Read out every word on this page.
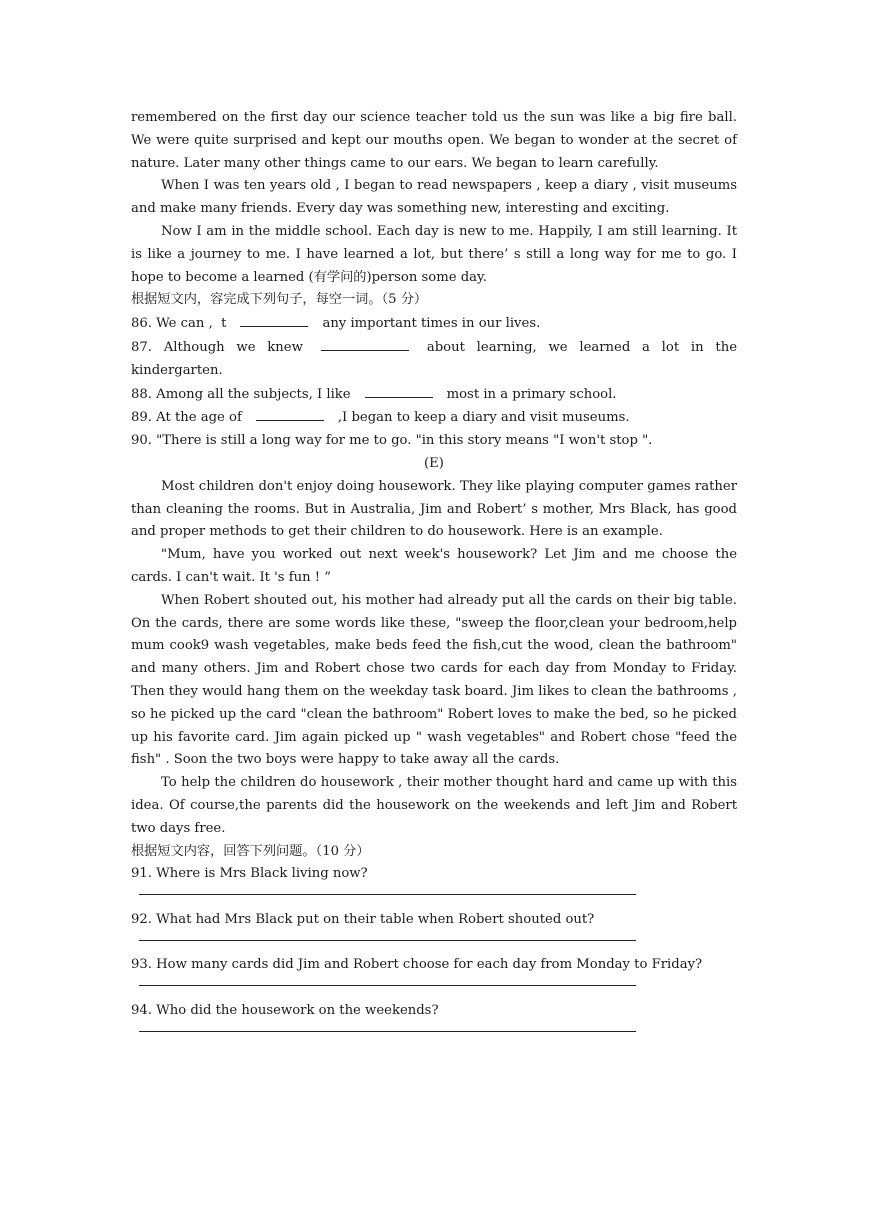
remembered on the first day our science teacher told us the sun was like a big fire ball. We were quite surprised and kept our mouths open. We began to wonder at the secret of nature. Later many other things came to our ears. We began to learn carefully.

When I was ten years old , I began to read newspapers , keep a diary , visit museums and make many friends. Every day was something new, interesting and exciting.

Now I am in the middle school. Each day is new to me. Happily, I am still learning. It is like a journey to me. I have learned a lot, but there’ s still a long way for me to go. I hope to become a learned (有学问的)person some day.

根据短文内，容完成下列句子，每空一词。（5 分）

86. We can ,  t	any important times in our lives.

87. Although we knew	about learning, we learned a lot in the kindergarten.

88. Among all the subjects, I like	most in a primary school.

89. At the age of	,I began to keep a diary and visit museums.

90. "There is still a long way for me to go. "in this story means "I won't stop ".

(E)

Most children don't enjoy doing housework. They like playing computer games rather than cleaning the rooms. But in Australia, Jim and Robert’ s mother, Mrs Black, has good and proper methods to get their children to do housework. Here is an example.

"Mum, have you worked out next week's housework? Let Jim and me choose the cards. I can't wait. It 's fun ! ”

When Robert shouted out, his mother had already put all the cards on their big table. On the cards, there are some words like these, "sweep the floor,clean your bedroom,help mum cook9 wash vegetables, make beds feed the fish,cut the wood, clean the bathroom" and many others. Jim and Robert chose two cards for each day from Monday to Friday. Then they would hang them on the weekday task board. Jim likes to clean the bathrooms , so he picked up the card "clean the bathroom" Robert loves to make the bed, so he picked up his favorite card. Jim again picked up " wash vegetables" and Robert chose "feed the fish" . Soon the two boys were happy to take away all the cards.

To help the children do housework , their mother thought hard and came up with this idea. Of course,the parents did the housework on the weekends and left Jim and Robert two days free.

根据短文内容，回答下列问题。（10 分）

91. Where is Mrs Black living now?

92. What had Mrs Black put on their table when Robert shouted out?

93. How many cards did Jim and Robert choose for each day from Monday to Friday?

94. Who did the housework on the weekends?
